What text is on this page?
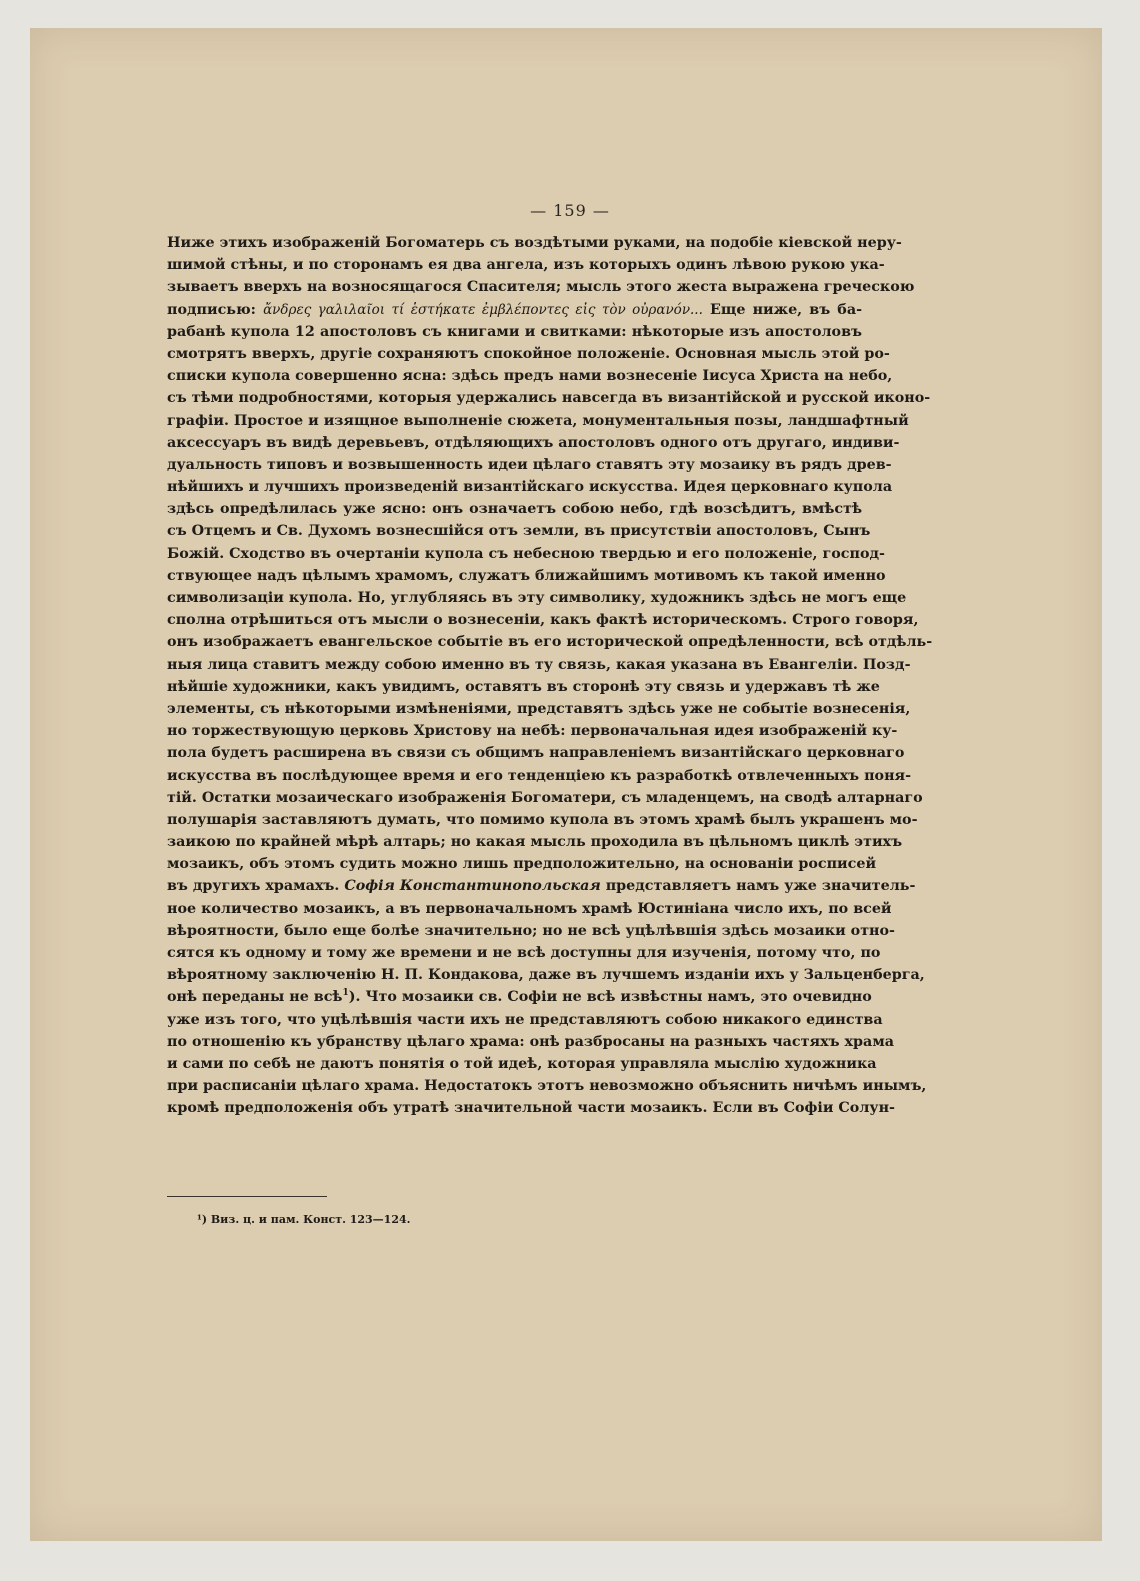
— 159 —
Ниже этихъ изображеній Богоматерь съ воздѣтыми руками, на подобіе кіевской неру-
шимой стѣны, и по сторонамъ ея два ангела, изъ которыхъ одинъ лѣвою рукою ука-
зываетъ вверхъ на возносящагося Спасителя; мысль этого жеста выражена греческою
подписью: ἄνδρες γαλιλαῖοι τί ἑστήκατε ἐμβλέποντες εἰς τὸν οὐρανόν... Еще ниже, въ ба-
рабанѣ купола 12 апостоловъ съ книгами и свитками: нѣкоторые изъ апостоловъ
смотрятъ вверхъ, другіе сохраняютъ спокойное положеніе. Основная мысль этой ро-
списки купола совершенно ясна: здѣсь предъ нами вознесеніе Іисуса Христа на небо,
съ тѣми подробностями, которыя удержались навсегда въ византійской и русской иконо-
графіи. Простое и изящное выполненіе сюжета, монументальныя позы, ландшафтный
аксессуаръ въ видѣ деревьевъ, отдѣляющихъ апостоловъ одного отъ другаго, индиви-
дуальность типовъ и возвышенность идеи цѣлаго ставятъ эту мозаику въ рядъ древ-
нѣйшихъ и лучшихъ произведеній византійскаго искусства. Идея церковнаго купола
здѣсь опредѣлилась уже ясно: онъ означаетъ собою небо, гдѣ возсѣдитъ, вмѣстѣ
съ Отцемъ и Св. Духомъ вознесшійся отъ земли, въ присутствіи апостоловъ, Сынъ
Божій. Сходство въ очертаніи купола съ небесною твердью и его положеніе, господ-
ствующее надъ цѣлымъ храмомъ, служатъ ближайшимъ мотивомъ къ такой именно
символизаціи купола. Но, углубляясь въ эту символику, художникъ здѣсь не могъ еще
сполна отрѣшиться отъ мысли о вознесеніи, какъ фактѣ историческомъ. Строго говоря,
онъ изображаетъ евангельское событіе въ его исторической опредѣленности, всѣ отдѣль-
ныя лица ставитъ между собою именно въ ту связь, какая указана въ Евангеліи. Позд-
нѣйшіе художники, какъ увидимъ, оставятъ въ сторонѣ эту связь и удержавъ тѣ же
элементы, съ нѣкоторыми измѣненіями, представятъ здѣсь уже не событіе вознесенія,
но торжествующую церковь Христову на небѣ: первоначальная идея изображеній ку-
пола будетъ расширена въ связи съ общимъ направленіемъ византійскаго церковнаго
искусства въ послѣдующее время и его тенденціею къ разработкѣ отвлеченныхъ поня-
тій. Остатки мозаическаго изображенія Богоматери, съ младенцемъ, на сводѣ алтарнаго
полушарія заставляютъ думать, что помимо купола въ этомъ храмѣ былъ украшенъ мо-
заикою по крайней мѣрѣ алтарь; но какая мысль проходила въ цѣльномъ циклѣ этихъ
мозаикъ, объ этомъ судить можно лишь предположительно, на основаніи росписей
въ другихъ храмахъ. Софія Константинопольская представляетъ намъ уже значитель-
ное количество мозаикъ, а въ первоначальномъ храмѣ Юстиніана число ихъ, по всей
вѣроятности, было еще болѣе значительно; но не всѣ уцѣлѣвшія здѣсь мозаики отно-
сятся къ одному и тому же времени и не всѣ доступны для изученія, потому что, по
вѣроятному заключенію Н. П. Кондакова, даже въ лучшемъ изданіи ихъ у Зальценберга,
онѣ переданы не всѣ$^1$). Что мозаики св. Софіи не всѣ извѣстны намъ, это очевидно
уже изъ того, что уцѣлѣвшія части ихъ не представляютъ собою никакого единства
по отношенію къ убранству цѣлаго храма: онѣ разбросаны на разныхъ частяхъ храма
и сами по себѣ не даютъ понятія о той идеѣ, которая управляла мыслію художника
при расписаніи цѣлаго храма. Недостатокъ этотъ невозможно объяснить ничѣмъ инымъ,
кромѣ предположенія объ утратѣ значительной части мозаикъ. Если въ Софіи Солун-
¹) Виз. ц. и пам. Конст. 123—124.
